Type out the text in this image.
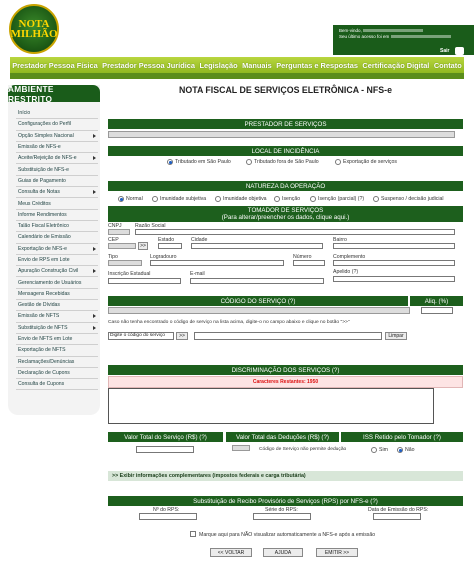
NOTA
MILHÃO	Bem-vindo,
Seu último acesso foi em
Sair
Prestador Pessoa Física Prestador Pessoa Jurídica Legislação Manuais Perguntas e Respostas Certificação Digital Contato
AMBIENTE RESTRITO
Início
Configurações do Perfil
Opção Simples Nacional
Emissão de NFS-e
Aceite/Rejeição de NFS-e
Substituição de NFS-e
Guias de Pagamento
Consulta de Notas
Meus Créditos
Informe Rendimentos
Talão Fiscal Eletrônico
Calendário de Emissão
Exportação de NFS-e
Envio de RPS em Lote
Apuração Construção Civil
Gerenciamento de Usuários
Mensagens Recebidas
Gestão de Dívidas
Emissão de NFTS
Substituição de NFTS
Envio de NFTS em Lote
Exportação de NFTS
Reclamações/Denúncias
Declaração de Cupons
Consulta de Cupons
NOTA FISCAL DE SERVIÇOS ELETRÔNICA - NFS-e
PRESTADOR DE SERVIÇOS
LOCAL DE INCIDÊNCIA
Tributado em São Paulo	Tributado fora de São Paulo	Exportação de serviços
NATUREZA DA OPERAÇÃO
Normal	Imunidade subjetiva	Imunidade objetiva	Isenção	Isenção (parcial) (?)	Suspenso / decisão judicial
TOMADOR DE SERVIÇOS
(Para alterar/preencher os dados, clique aqui.)
CNPJ	Razão Social
CEP
>>
Estado	Cidade	Bairro
Tipo	Logradouro	Número	Complemento
Inscrição Estadual	E-mail	Apelido (?)
CÓDIGO DO SERVIÇO (?)	Aliq. (%)
Caso não tenha encontrado o código de serviço na lista acima, digite-o no campo abaixo e clique no botão ">>"
Digite o código do serviço	>>	Limpar
DISCRIMINAÇÃO DOS SERVIÇOS (?)
Caracteres Restantes: 1950
Valor Total do Serviço (R$) (?)	Valor Total das Deduções (R$) (?)	ISS Retido pelo Tomador (?)
Código de Serviço não permite dedução	Sim	Não
>> Exibir informações complementares (impostos federais e carga tributária)
Substituição de Recibo Provisório de Serviços (RPS) por NFS-e (?)
Nº do RPS:	Série do RPS:	Data de Emissão do RPS:
Marque aqui para NÃO visualizar automaticamente a NFS-e após a emissão
<< VOLTAR	AJUDA	EMITIR >>
